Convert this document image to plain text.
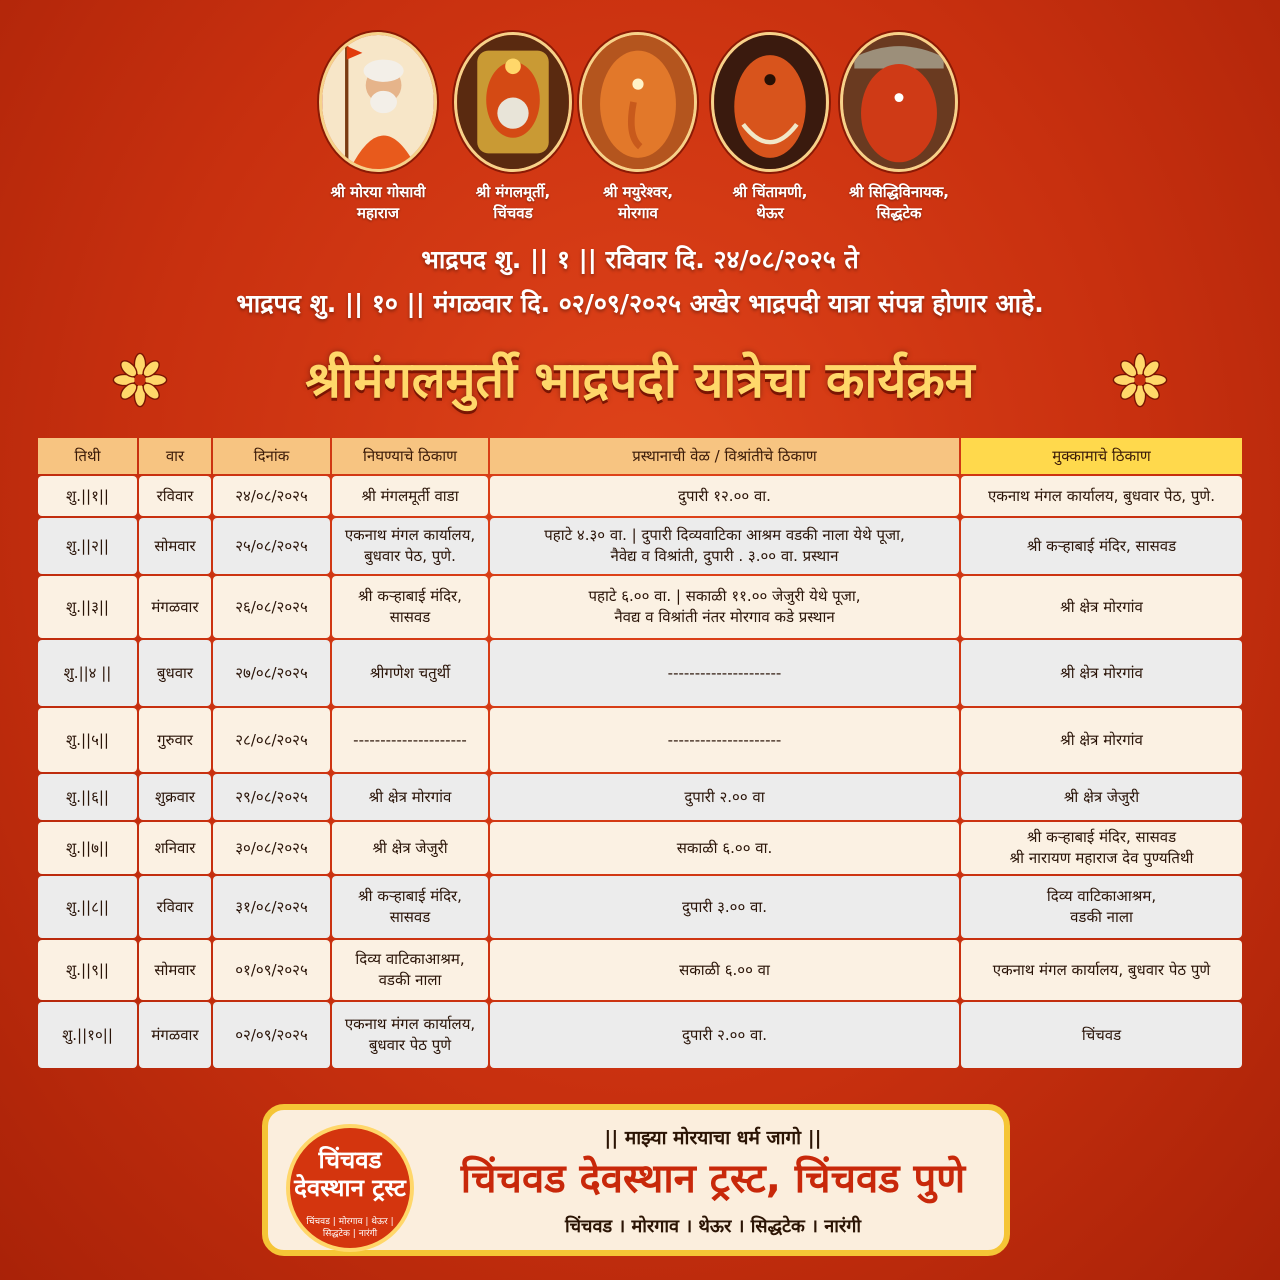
श्री मोरया गोसावी
महाराज
श्री मंगलमूर्ती,
चिंचवड
श्री मयुरेश्वर,
मोरगाव
श्री चिंतामणी,
थेऊर
श्री सिद्धिविनायक,
सिद्धटेक
भाद्रपद शु. || १ || रविवार दि. २४/०८/२०२५ ते
भाद्रपद शु. || १० || मंगळवार दि. ०२/०९/२०२५ अखेर भाद्रपदी यात्रा संपन्न होणार आहे.
श्रीमंगलमुर्ती भाद्रपदी यात्रेचा कार्यक्रम
तिथी	वार	दिनांक	निघण्याचे ठिकाण	प्रस्थानाची वेळ / विश्रांतीचे ठिकाण	मुक्कामाचे ठिकाण
शु.||१||	रविवार	२४/०८/२०२५	श्री मंगलमूर्ती वाडा	दुपारी १२.०० वा.	एकनाथ मंगल कार्यालय, बुधवार पेठ, पुणे.
शु.||२||	सोमवार	२५/०८/२०२५	एकनाथ मंगल कार्यालय,
बुधवार पेठ, पुणे.	पहाटे ४.३० वा. | दुपारी दिव्यवाटिका आश्रम वडकी नाला येथे पूजा,
नैवेद्य व विश्रांती, दुपारी . ३.०० वा. प्रस्थान	श्री कऱ्हाबाई मंदिर, सासवड
शु.||३||	मंगळवार	२६/०८/२०२५	श्री कऱ्हाबाई मंदिर,
सासवड	पहाटे ६.०० वा. | सकाळी ११.०० जेजुरी येथे पूजा,
नैवद्य व विश्रांती नंतर मोरगाव कडे प्रस्थान	श्री क्षेत्र मोरगांव
शु.||४ ||	बुधवार	२७/०८/२०२५	श्रीगणेश चतुर्थी	---------------------	श्री क्षेत्र मोरगांव
शु.||५||	गुरुवार	२८/०८/२०२५	---------------------	---------------------	श्री क्षेत्र मोरगांव
शु.||६||	शुक्रवार	२९/०८/२०२५	श्री क्षेत्र मोरगांव	दुपारी २.०० वा	श्री क्षेत्र जेजुरी
शु.||७||	शनिवार	३०/०८/२०२५	श्री क्षेत्र जेजुरी	सकाळी ६.०० वा.	श्री कऱ्हाबाई मंदिर, सासवड
श्री नारायण महाराज देव पुण्यतिथी
शु.||८||	रविवार	३१/०८/२०२५	श्री कऱ्हाबाई मंदिर,
सासवड	दुपारी ३.०० वा.	दिव्य वाटिकाआश्रम,
वडकी नाला
शु.||९||	सोमवार	०१/०९/२०२५	दिव्य वाटिकाआश्रम,
वडकी नाला	सकाळी ६.०० वा	एकनाथ मंगल कार्यालय, बुधवार पेठ पुणे
शु.||१०||	मंगळवार	०२/०९/२०२५	एकनाथ मंगल कार्यालय,
बुधवार पेठ पुणे	दुपारी २.०० वा.	चिंचवड
चिंचवड देवस्थान ट्रस्ट
चिंचवड | मोरगाव | थेऊर | सिद्धटेक | नारंगी
|| माझ्या मोरयाचा धर्म जागो ||
चिंचवड देवस्थान ट्रस्ट, चिंचवड पुणे
चिंचवड । मोरगाव । थेऊर । सिद्धटेक । नारंगी
